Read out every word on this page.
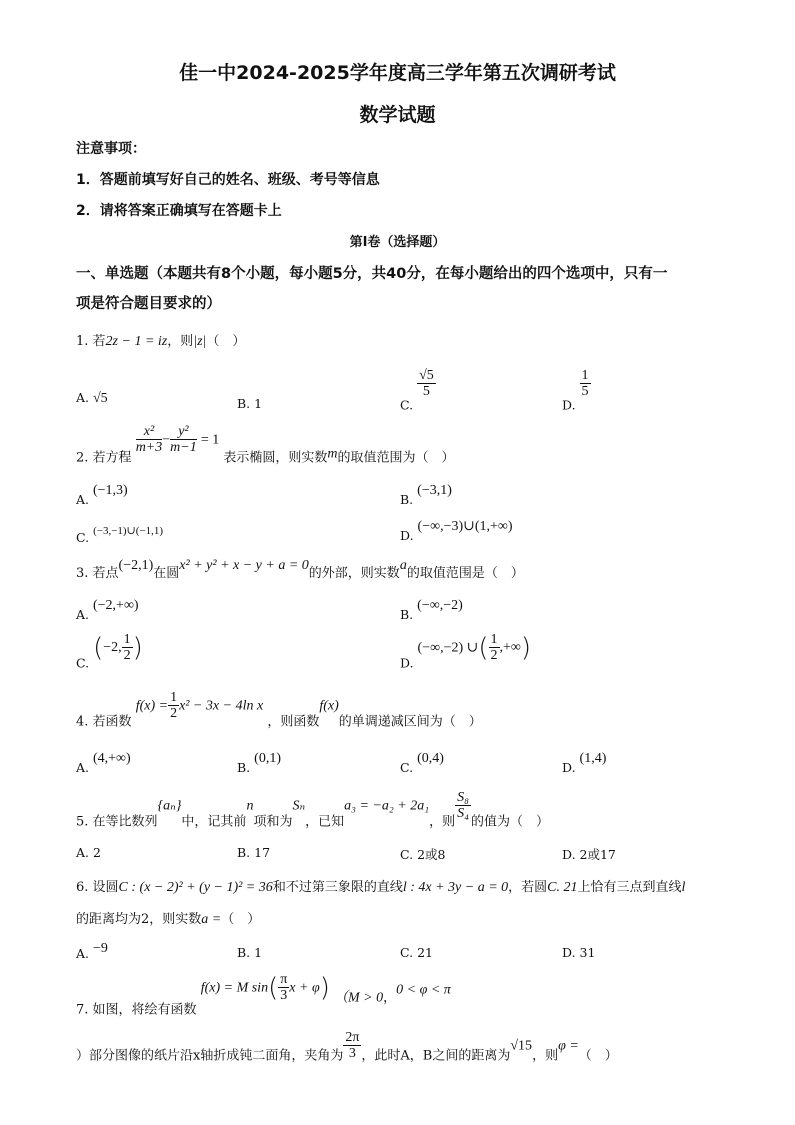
佳一中2024-2025学年度高三学年第五次调研考试
数学试题
注意事项：
1．答题前填写好自己的姓名、班级、考号等信息
2．请将答案正确填写在答题卡上
第I卷（选择题）
一、单选题（本题共有8个小题，每小题5分，共40分，在每小题给出的四个选项中，只有一
项是符合题目要求的）
1. 若2z − 1 = iz，则|z|（　）
A. √5	B. 1	C.
$\frac{√5}{5}$
D.
$\frac{1}{5}$
2. 若方程
$\frac{\text{x²}}{m+3} - \frac{\text{y²}}{m-1} = 1$ 表示椭圆，则实数m的取值范围为（　）
A. (−1,3)
B. (−3,1)
C. (−3,−1)∪(−1,1)	D. (−∞,−3)∪(1,+∞)
3. 若点(−2,1)在圆x² + y² + x − y + a = 0的外部，则实数a的取值范围是（　）
A. (−2,+∞)
B. (−∞,−2)
C. (−2, $\frac{1}{2}$ )	D. (−∞,−2) ∪( $\frac{1}{2}$ ,+∞)
4. 若函数 $f(x) = \frac{1}{2} x^2 - 3x - 4\ln$ x ，则函数f(x)的单调递减区间为（　）
A. (4,+∞)
B. (0,1)
C. (0,4)
D. (1,4)
5. 在等比数列{aₙ}中，记其前n项和为Sₙ，已知a₃ = −a₂ + 2a₁，则
$\frac{\text{S₈}}{\text{S₄}}$
的值为（　）
A. 2	B. 17	C. 2或8	D. 2或17
6. 设圆C : (x − 2)² + (y − 1)² = 36和不过第三象限的直线l : 4x + 3y − a = 0，若圆C. 21上恰有三点到直线l
的距离均为2，则实数a =（　）
A. −9	B. 1	C. 21	D. 31
7. 如图，将绘有函数 f(x) = M $\sin( \frac{\pi}{3}$ x + φ) （M > 0，0 < φ < π
）部分图像的纸片沿x轴折成钝二面角，夹角为 $\frac{2\pi}{3}$ ，此时A，B之间的距离为√15，则φ =（　）
